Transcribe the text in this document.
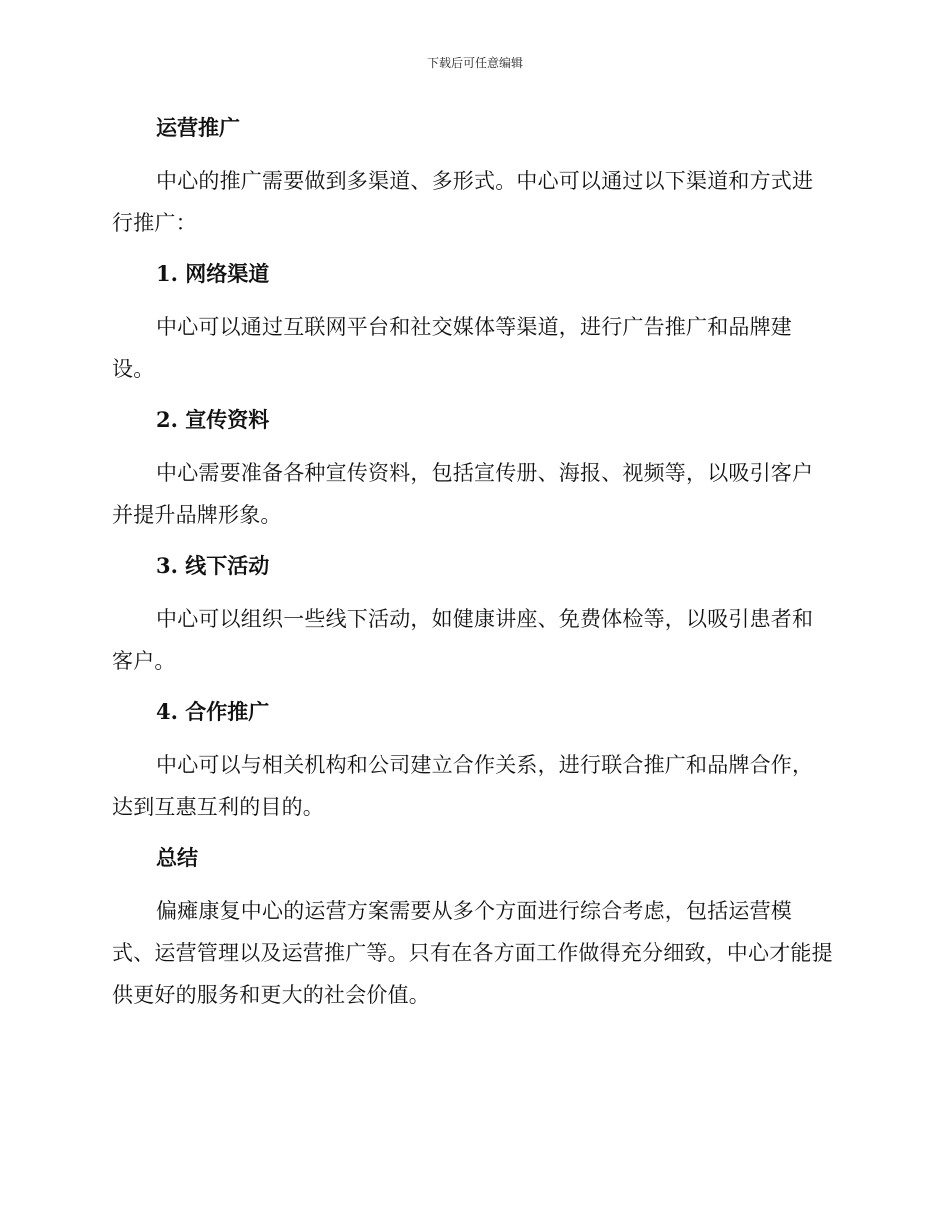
下载后可任意编辑
运营推广

中心的推广需要做到多渠道、多形式。中心可以通过以下渠道和方式进行推广：

1. 网络渠道

中心可以通过互联网平台和社交媒体等渠道，进行广告推广和品牌建设。

2. 宣传资料

中心需要准备各种宣传资料，包括宣传册、海报、视频等，以吸引客户并提升品牌形象。

3. 线下活动

中心可以组织一些线下活动，如健康讲座、免费体检等，以吸引患者和客户。

4. 合作推广

中心可以与相关机构和公司建立合作关系，进行联合推广和品牌合作，达到互惠互利的目的。

总结

偏瘫康复中心的运营方案需要从多个方面进行综合考虑，包括运营模式、运营管理以及运营推广等。只有在各方面工作做得充分细致，中心才能提供更好的服务和更大的社会价值。
